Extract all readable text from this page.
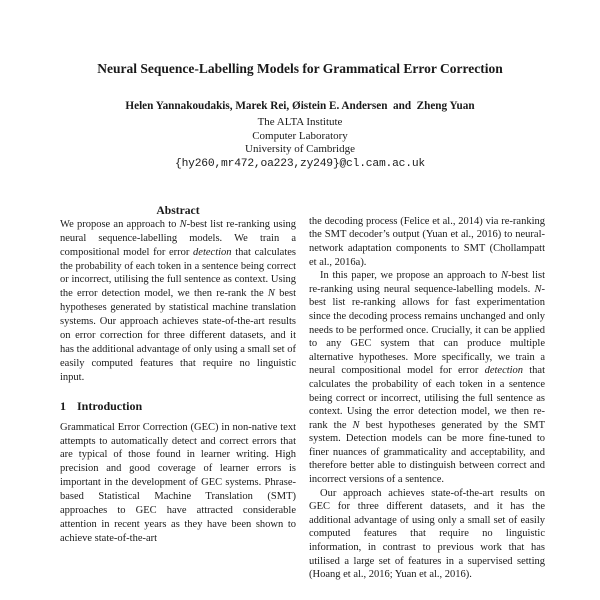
Neural Sequence-Labelling Models for Grammatical Error Correction
Helen Yannakoudakis, Marek Rei, Øistein E. Andersen and Zheng Yuan
The ALTA Institute
Computer Laboratory
University of Cambridge
{hy260,mr472,oa223,zy249}@cl.cam.ac.uk
Abstract

We propose an approach to N-best list re-ranking using neural sequence-labelling models. We train a compositional model for error detection that calculates the probability of each token in a sentence being correct or incorrect, utilising the full sentence as context. Using the error detection model, we then re-rank the N best hypotheses generated by statistical machine translation systems. Our approach achieves state-of-the-art results on error correction for three different datasets, and it has the additional advantage of only using a small set of easily computed features that require no linguistic input.

1 Introduction

Grammatical Error Correction (GEC) in non-native text attempts to automatically detect and correct errors that are typical of those found in learner writing. High precision and good coverage of learner errors is important in the development of GEC systems. Phrase-based Statistical Machine Translation (SMT) approaches to GEC have attracted considerable attention in recent years as they have been shown to achieve state-of-the-art

the decoding process (Felice et al., 2014) via re-ranking the SMT decoder’s output (Yuan et al., 2016) to neural-network adaptation components to SMT (Chollampatt et al., 2016a).

In this paper, we propose an approach to N-best list re-ranking using neural sequence-labelling models. N-best list re-ranking allows for fast experimentation since the decoding process remains unchanged and only needs to be performed once. Crucially, it can be applied to any GEC system that can produce multiple alternative hypotheses. More specifically, we train a neural compositional model for error detection that calculates the probability of each token in a sentence being correct or incorrect, utilising the full sentence as context. Using the error detection model, we then re-rank the N best hypotheses generated by the SMT system. Detection models can be more fine-tuned to finer nuances of grammaticality and acceptability, and therefore better able to distinguish between correct and incorrect versions of a sentence.

Our approach achieves state-of-the-art results on GEC for three different datasets, and it has the additional advantage of using only a small set of easily computed features that require no linguistic information, in contrast to previous work that has utilised a large set of features in a supervised setting (Hoang et al., 2016; Yuan et al., 2016).
